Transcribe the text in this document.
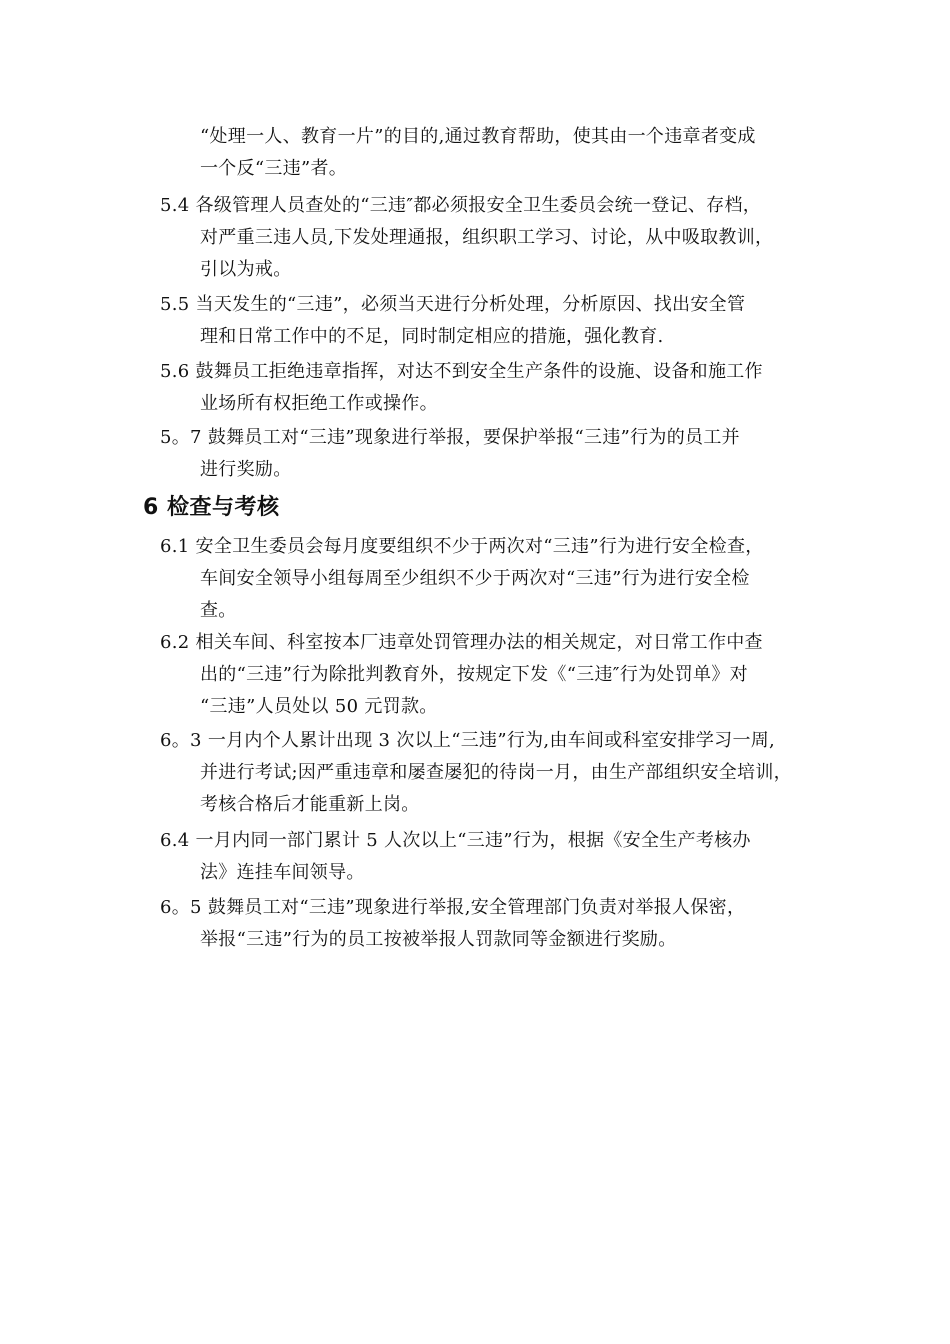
“处理一人、教育一片”的目的,通过教育帮助，使其由一个违章者变成
一个反“三违”者。
5.4 各级管理人员查处的“三违″都必须报安全卫生委员会统一登记、存档，
对严重三违人员,下发处理通报，组织职工学习、讨论，从中吸取教训，
引以为戒。
5.5 当天发生的“三违”，必须当天进行分析处理，分析原因、找出安全管
理和日常工作中的不足，同时制定相应的措施，强化教育.
5.6 鼓舞员工拒绝违章指挥，对达不到安全生产条件的设施、设备和施工作
业场所有权拒绝工作或操作。
5。7 鼓舞员工对“三违”现象进行举报，要保护举报“三违”行为的员工并
进行奖励。
6 检查与考核
6.1 安全卫生委员会每月度要组织不少于两次对“三违”行为进行安全检查，
车间安全领导小组每周至少组织不少于两次对“三违”行为进行安全检
查。
6.2 相关车间、科室按本厂违章处罚管理办法的相关规定，对日常工作中查
出的“三违”行为除批判教育外，按规定下发《“三违″行为处罚单》对
“三违”人员处以 50 元罚款。
6。3 一月内个人累计出现 3 次以上“三违”行为,由车间或科室安排学习一周,
并进行考试;因严重违章和屡查屡犯的待岗一月，由生产部组织安全培训，
考核合格后才能重新上岗。
6.4 一月内同一部门累计 5 人次以上“三违”行为，根据《安全生产考核办
法》连挂车间领导。
6。5 鼓舞员工对“三违”现象进行举报,安全管理部门负责对举报人保密，
举报“三违”行为的员工按被举报人罚款同等金额进行奖励。
